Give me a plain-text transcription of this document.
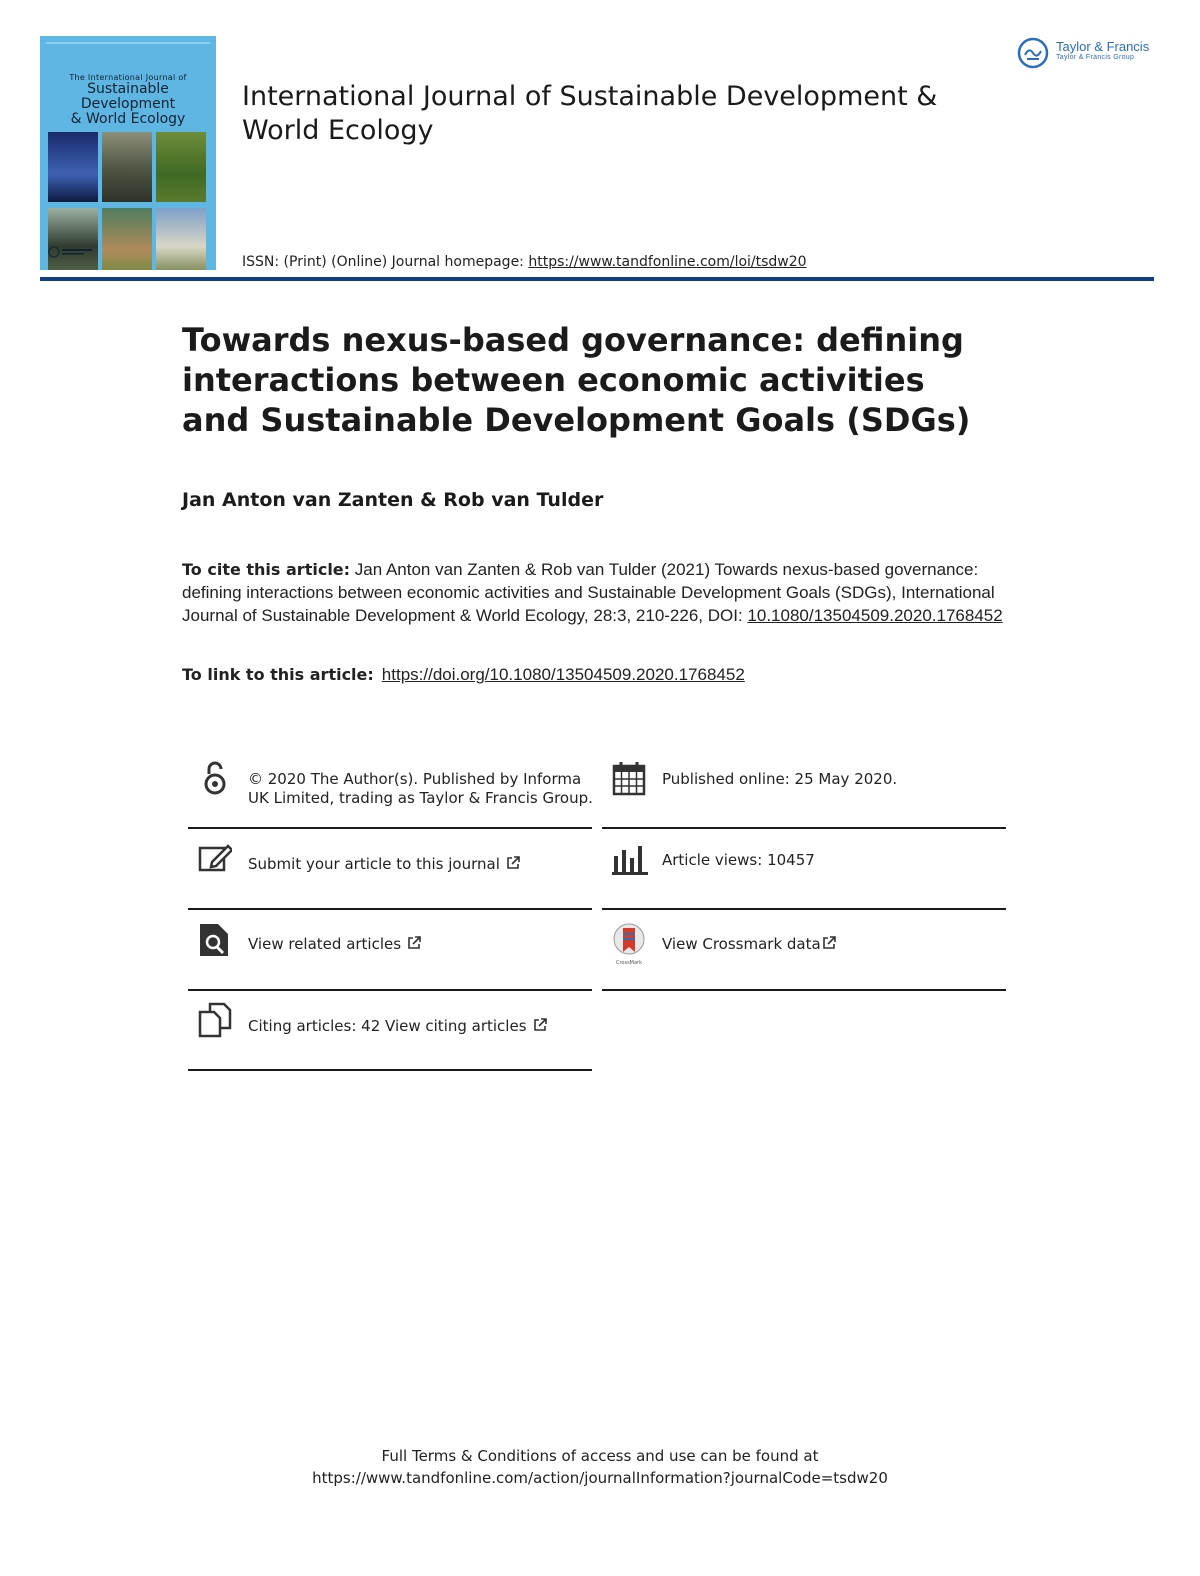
The International Journal of
Sustainable Development
& World Ecology
Taylor & Francis
Taylor & Francis Group
International Journal of Sustainable Development & World Ecology
ISSN: (Print) (Online) Journal homepage: https://www.tandfonline.com/loi/tsdw20
Towards nexus-based governance: defining interactions between economic activities and Sustainable Development Goals (SDGs)
Jan Anton van Zanten & Rob van Tulder
To cite this article: Jan Anton van Zanten & Rob van Tulder (2021) Towards nexus-based governance: defining interactions between economic activities and Sustainable Development Goals (SDGs), International Journal of Sustainable Development & World Ecology, 28:3, 210-226, DOI: 10.1080/13504509.2020.1768452
To link to this article: https://doi.org/10.1080/13504509.2020.1768452
© 2020 The Author(s). Published by Informa UK Limited, trading as Taylor & Francis Group.
Published online: 25 May 2020.
Submit your article to this journal	Article views: 10457
View related articles
CrossMark
View Crossmark data
Citing articles: 42 View citing articles
Full Terms & Conditions of access and use can be found at
https://www.tandfonline.com/action/journalInformation?journalCode=tsdw20
